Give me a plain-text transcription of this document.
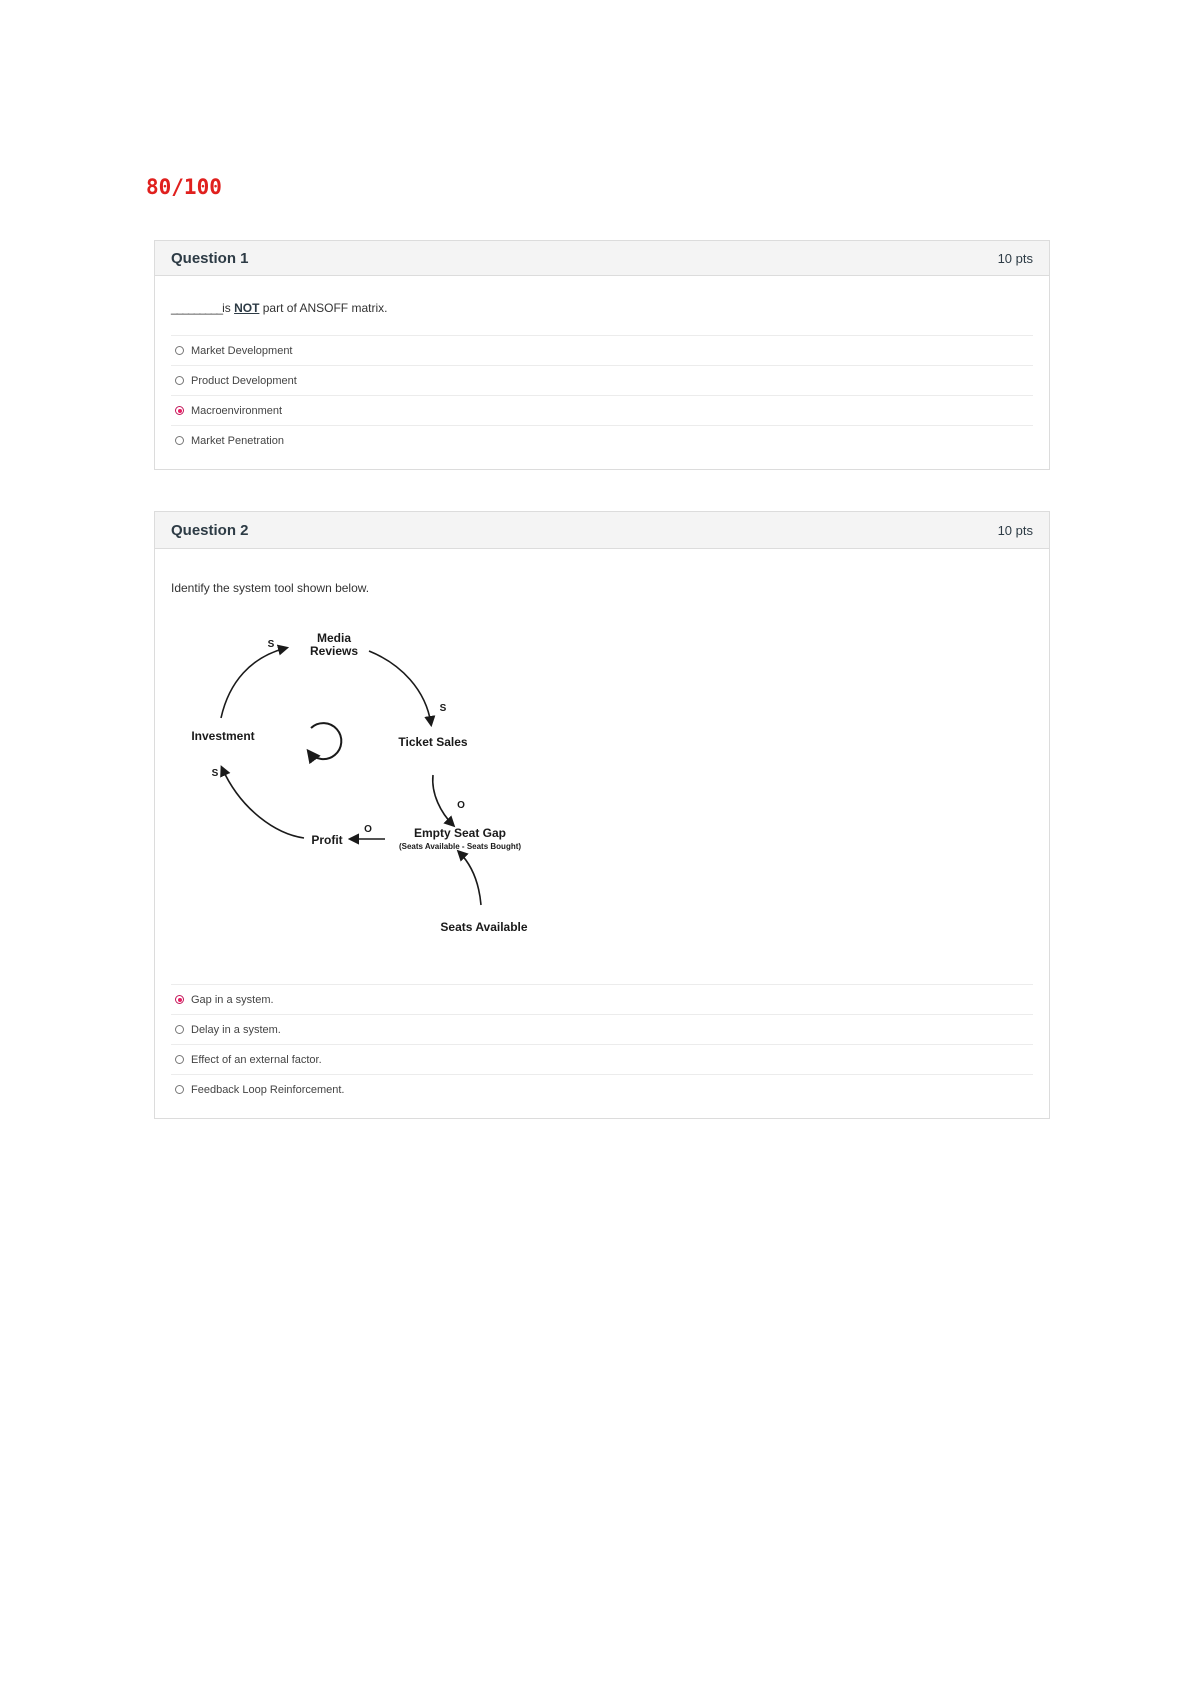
80/100
Question 1	10 pts
_________is NOT part of ANSOFF matrix.
Market Development
Product Development
Macroenvironment
Market Penetration
Question 2	10 pts
Identify the system tool shown below.
Media
Reviews
Ticket Sales
Investment
Profit	Empty Seat Gap
(Seats Available - Seats Bought)
Seats Available
S
S
O
O
S
Gap in a system.
Delay in a system.
Effect of an external factor.
Feedback Loop Reinforcement.
